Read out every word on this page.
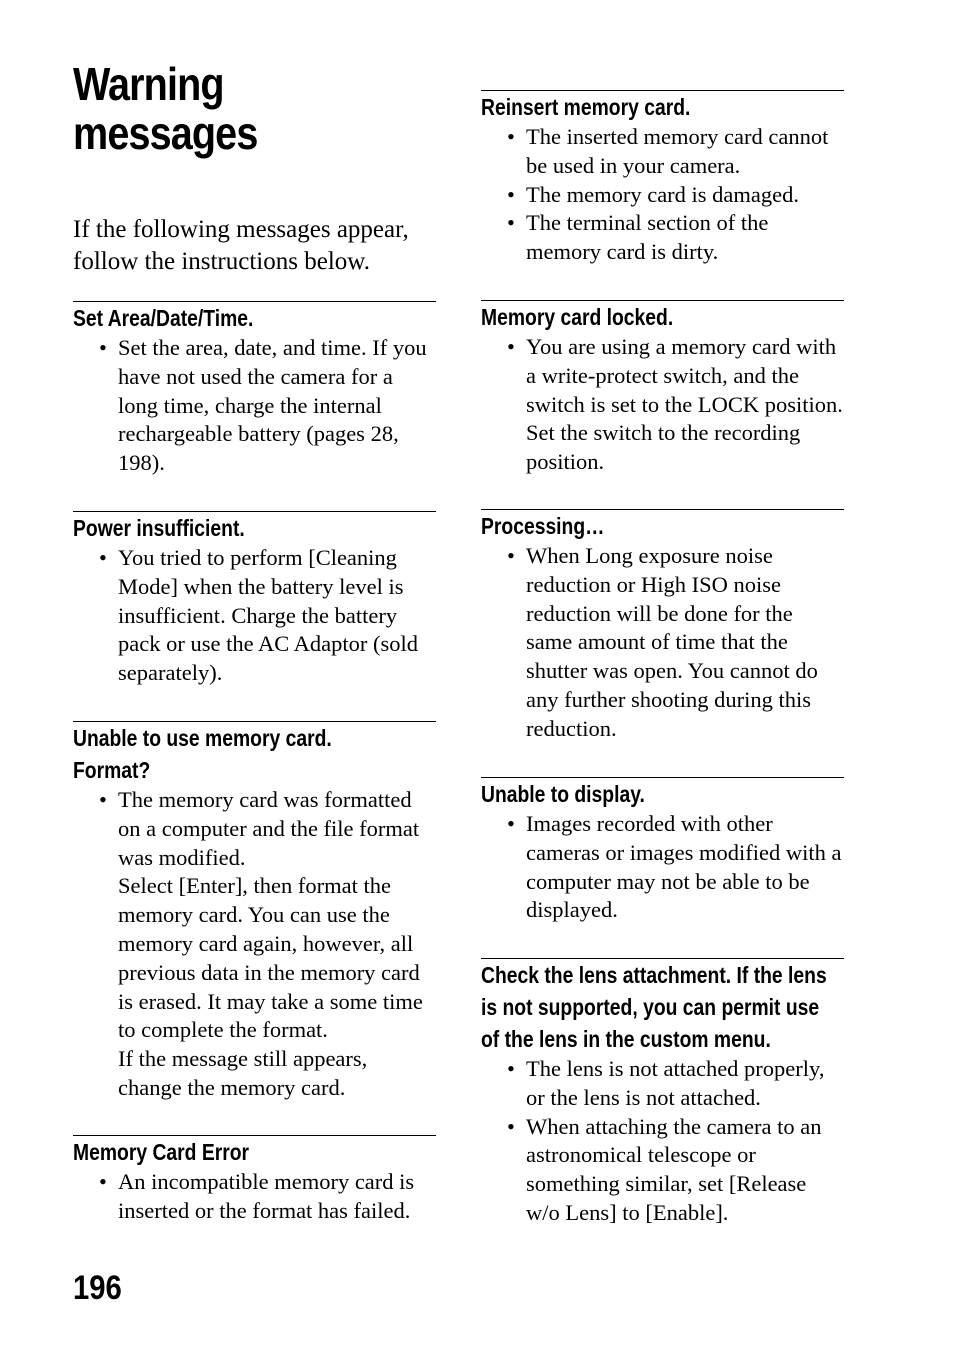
Warning
messages

If the following messages appear, follow the instructions below.

Set Area/Date/Time.
• Set the area, date, and time. If you have not used the camera for a long time, charge the internal rechargeable battery (pages 28, 198).
Power insufficient.
• You tried to perform [Cleaning Mode] when the battery level is insufficient. Charge the battery pack or use the AC Adaptor (sold separately).
Unable to use memory card.
Format?
• The memory card was formatted on a computer and the file format was modified.
Select [Enter], then format the memory card. You can use the memory card again, however, all previous data in the memory card is erased. It may take a some time to complete the format.
If the message still appears, change the memory card.
Memory Card Error
• An incompatible memory card is inserted or the format has failed.
Reinsert memory card.
• The inserted memory card cannot be used in your camera.
• The memory card is damaged.
• The terminal section of the memory card is dirty.
Memory card locked.
• You are using a memory card with a write-protect switch, and the switch is set to the LOCK position. Set the switch to the recording position.
Processing…
• When Long exposure noise reduction or High ISO noise reduction will be done for the same amount of time that the shutter was open. You cannot do any further shooting during this reduction.
Unable to display.
• Images recorded with other cameras or images modified with a computer may not be able to be displayed.
Check the lens attachment. If the lens is not supported, you can permit use of the lens in the custom menu.
• The lens is not attached properly, or the lens is not attached.
• When attaching the camera to an astronomical telescope or something similar, set [Release w/o Lens] to [Enable].
196
